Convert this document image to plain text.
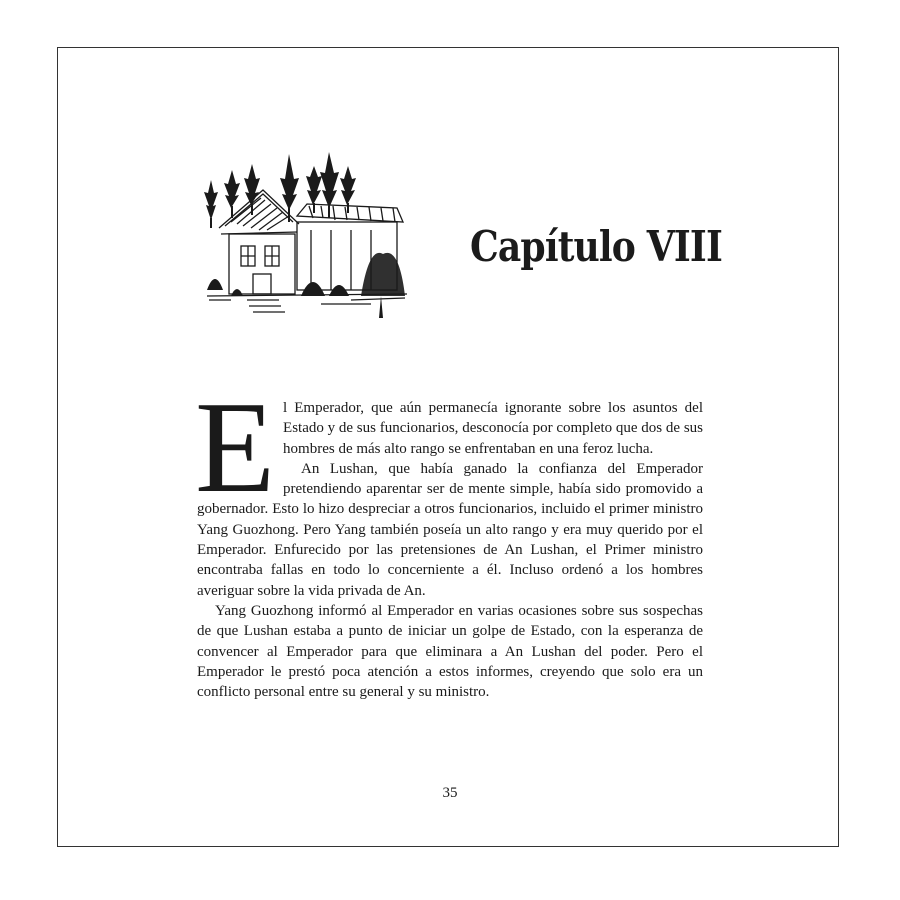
Capítulo VIII

El Emperador, que aún permanecía ignorante sobre los asuntos del Estado y de sus funcionarios, desconocía por completo que dos de sus hombres de más alto rango se enfrentaban en una feroz lucha.

An Lushan, que había ganado la confianza del Emperador pretendiendo aparentar ser de mente simple, había sido promovido a gobernador. Esto lo hizo despreciar a otros funcionarios, incluido el primer ministro Yang Guozhong. Pero Yang también poseía un alto rango y era muy querido por el Emperador. Enfurecido por las pretensiones de An Lushan, el Primer ministro encontraba fallas en todo lo concerniente a él. Incluso ordenó a los hombres averiguar sobre la vida privada de An.

Yang Guozhong informó al Emperador en varias ocasiones sobre sus sospechas de que Lushan estaba a punto de iniciar un golpe de Estado, con la esperanza de convencer al Emperador para que eliminara a An Lushan del poder. Pero el Emperador le prestó poca atención a estos informes, creyendo que solo era un conflicto personal entre su general y su ministro.

35
